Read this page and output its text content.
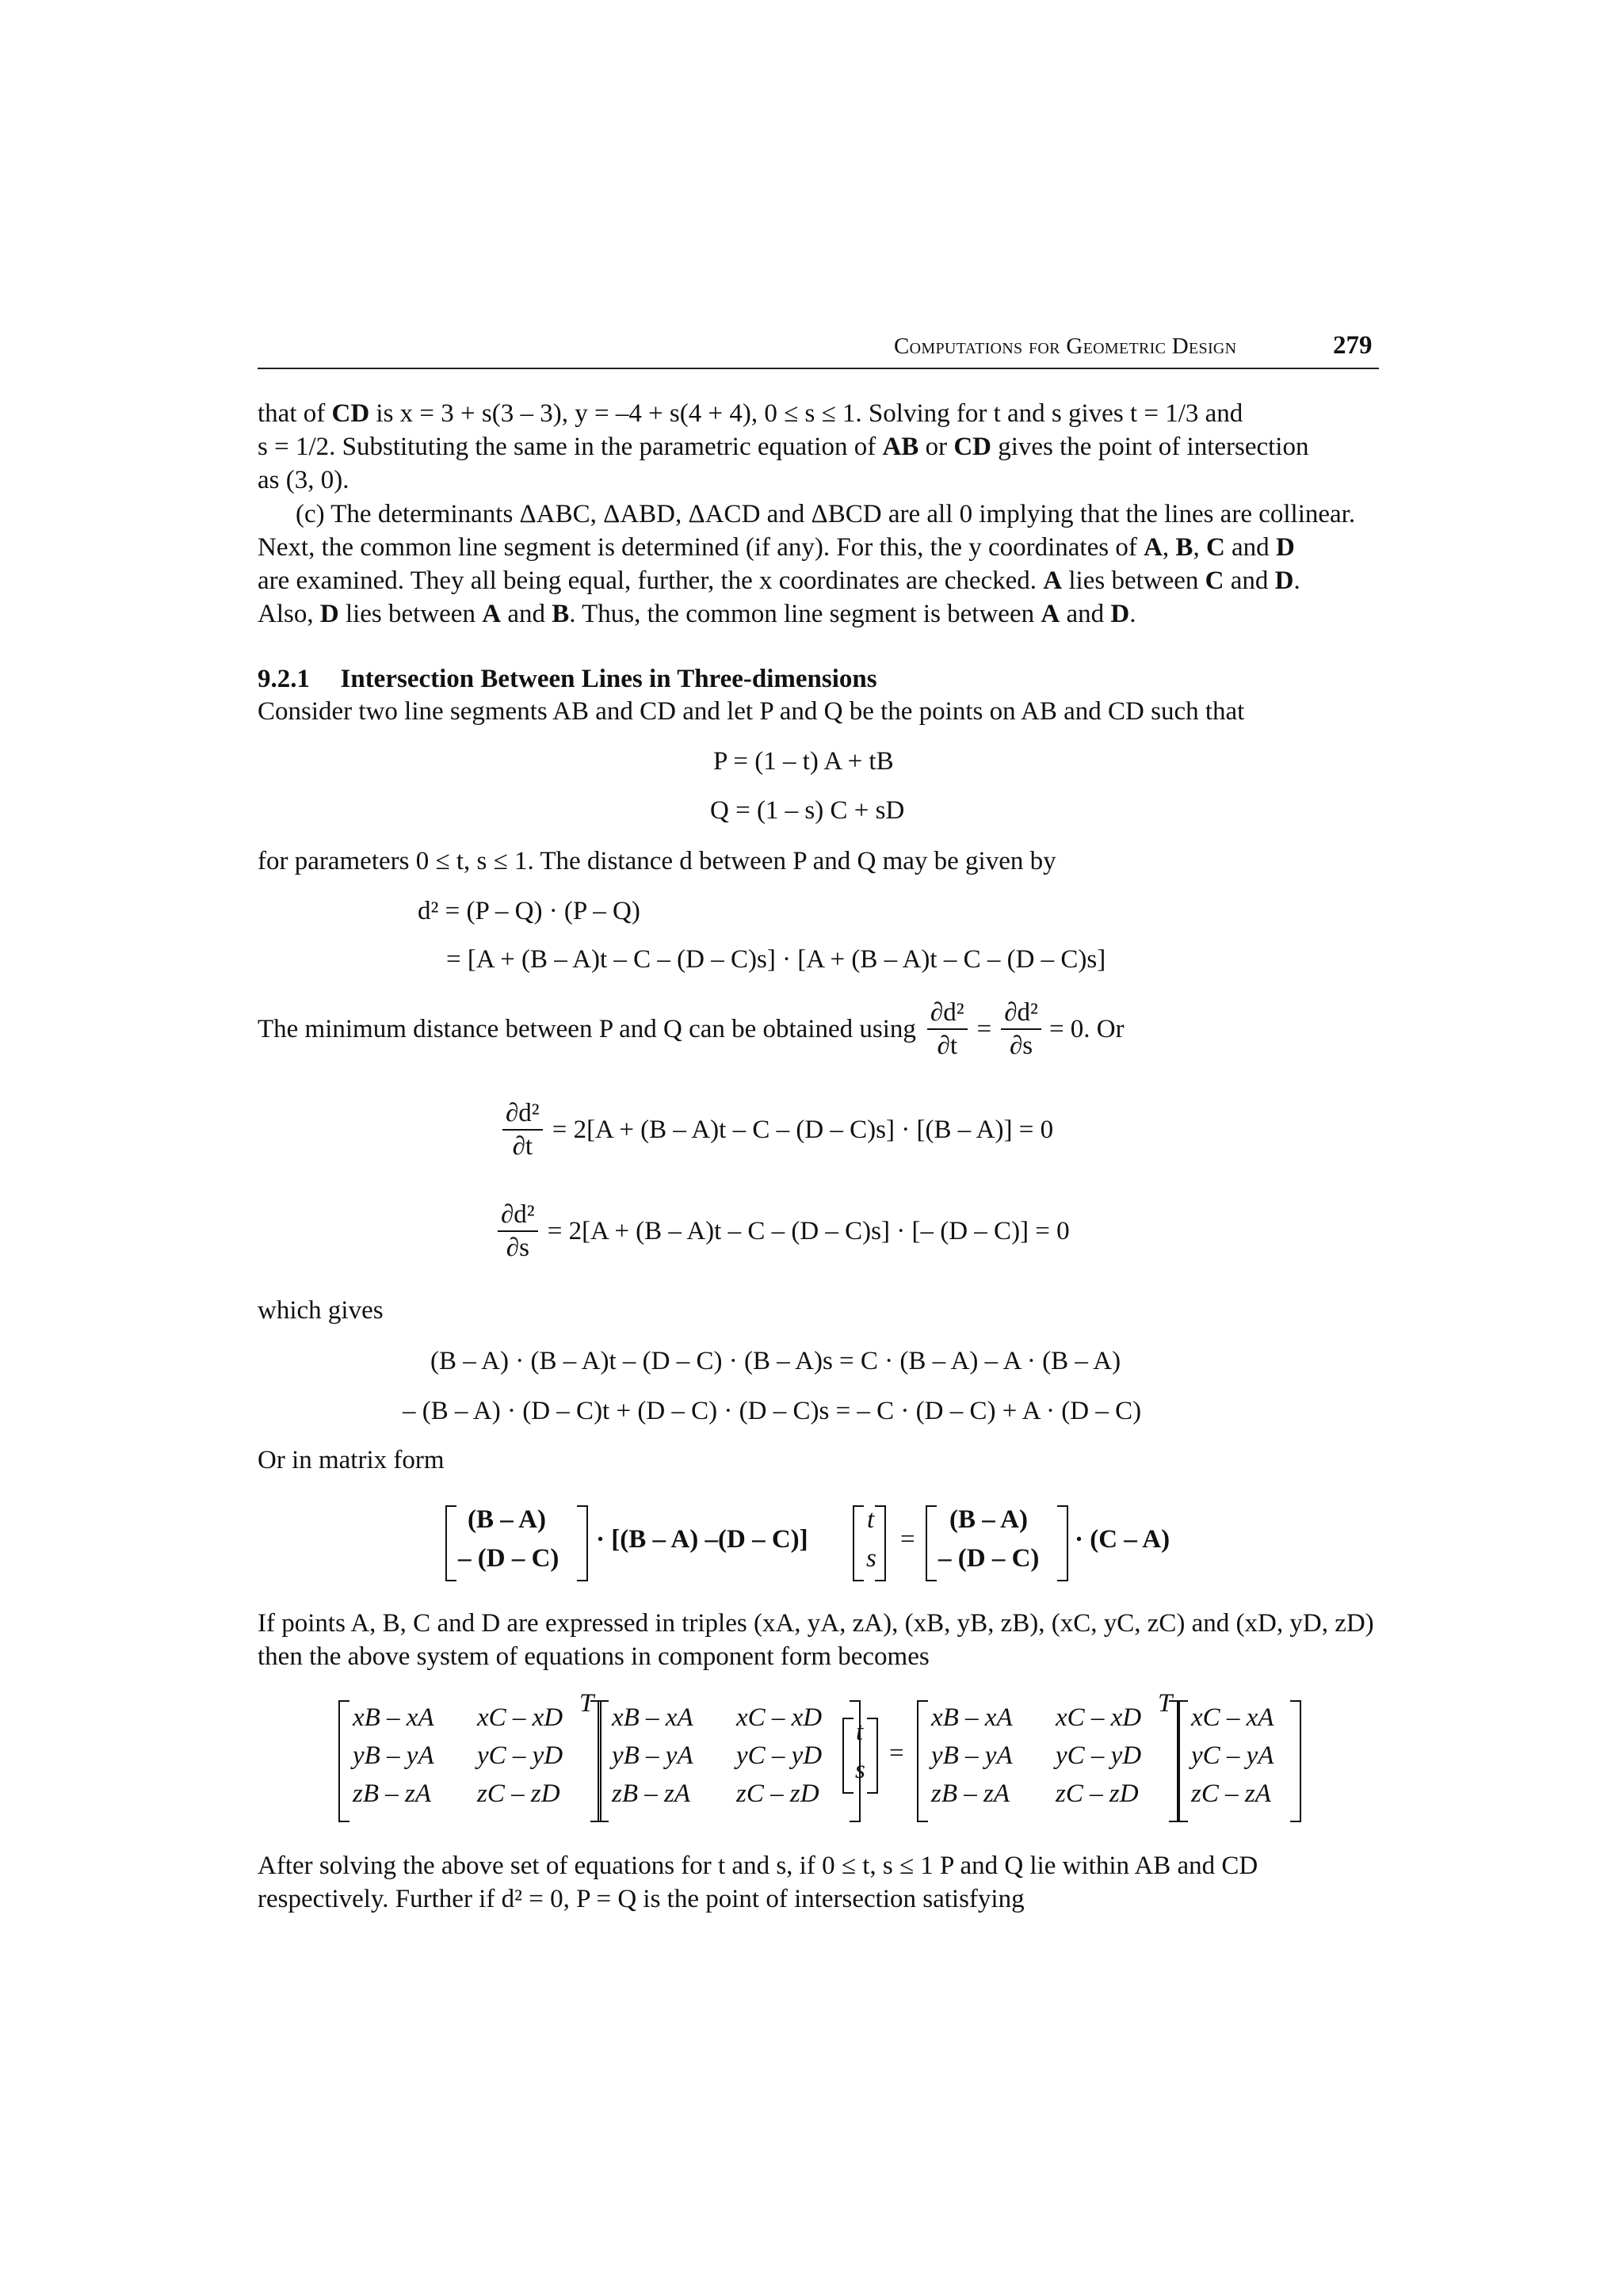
Computations for Geometric Design	279
that of CD is x = 3 + s(3 – 3), y = –4 + s(4 + 4), 0 ≤ s ≤ 1. Solving for t and s gives t = 1/3 and
s = 1/2. Substituting the same in the parametric equation of AB or CD gives the point of intersection
as (3, 0).
(c) The determinants ΔABC, ΔABD, ΔACD and ΔBCD are all 0 implying that the lines are collinear.
Next, the common line segment is determined (if any). For this, the y coordinates of A, B, C and D
are examined. They all being equal, further, the x coordinates are checked. A lies between C and D.
Also, D lies between A and B. Thus, the common line segment is between A and D.
9.2.1 Intersection Between Lines in Three-dimensions
Consider two line segments AB and CD and let P and Q be the points on AB and CD such that
P = (1 – t) A + tB
Q = (1 – s) C + sD
for parameters 0 ≤ t, s ≤ 1. The distance d between P and Q may be given by
d² = (P – Q) · (P – Q)
= [A + (B – A)t – C – (D – C)s] · [A + (B – A)t – C – (D – C)s]
The minimum distance between P and Q can be obtained using $\frac{\text{∂d²}}{\partial t} = \frac{\text{∂d²}}{\partial s} = 0$. Or
$\frac{\text{∂d²}}{\partial t} = 2[A + (B - A)t - C - (D - C)s] \cdot [(B - A)] = 0$
$\frac{\text{∂d²}}{\partial s} = 2[A + (B - A)t - C - (D - C)s]$ · [– (D – C)] = 0
which gives
(B – A) · (B – A)t – (D – C) · (B – A)s = C · (B – A) – A · (B – A)
– (B – A) · (D – C)t + (D – C) · (D – C)s = – C · (D – C) + A · (D – C)
Or in matrix form
(B – A)
– (D – C)
· [(B – A) –(D – C)]
t
s
=
(B – A)
– (D – C)
· (C – A)
If points A, B, C and D are expressed in triples (xA, yA, zA), (xB, yB, zB), (xC, yC, zC) and (xD, yD, zD)
then the above system of equations in component form becomes
xB – xA xC – xD
yB – yA yC – yD
zB – zA zC – zD
T xB – xA xC – xD
yB – yA yC – yD
zB – zA zC – zD
t
s
=
xB – xA xC – xD
yB – yA yC – yD
zB – zA zC – zD
T xC – xA
yC – yA
zC – zA
After solving the above set of equations for t and s, if 0 ≤ t, s ≤ 1 P and Q lie within AB and CD
respectively. Further if d² = 0, P = Q is the point of intersection satisfying
